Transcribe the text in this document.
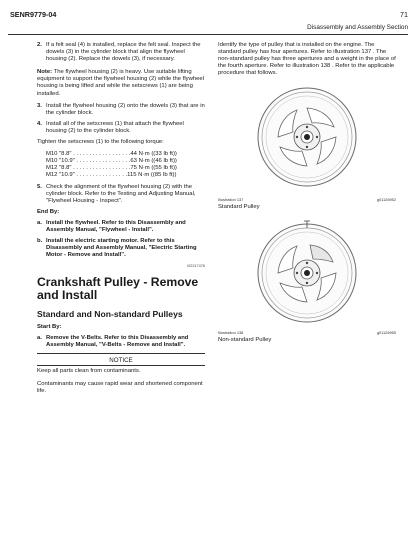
SENR9779-04	71
Disassembly and Assembly Section
2. If a felt seal (4) is installed, replace the felt seal. Inspect the dowels (3) in the cylinder block that align the flywheel housing (2). Replace the dowels (3), if necessary.

Note: The flywheel housing (2) is heavy. Use suitable lifting equipment to support the flywheel housing (2) while the flywheel housing is being lifted and while the setscrews (1) are being installed.

3. Install the flywheel housing (2) onto the dowels (3) that are in the cylinder block.
4. Install all of the setscrews (1) that attach the flywheel housing (2) to the cylinder block.

Tighten the setscrews (1) to the following torque:

M10 "8.8" . . . . . . . . . . . . . . . . . .44 N·m ((33 lb ft))
M10 "10.9" . . . . . . . . . . . . . . . . .63 N·m ((46 lb ft))
M12 "8.8" . . . . . . . . . . . . . . . . . .75 N·m ((55 lb ft))
M12 "10.9" . . . . . . . . . . . . . . . .115 N·m ((85 lb ft))
5. Check the alignment of the flywheel housing (2) with the cylinder block. Refer to the Testing and Adjusting Manual, "Flywheel Housing - Inspect".
End By:
a. Install the flywheel. Refer to this Disassembly and Assembly Manual, "Flywheel - Install".
b. Install the electric starting motor. Refer to this Disassembly and Assembly Manual, "Electric Starting Motor - Remove and Install".
i02217476
Crankshaft Pulley - Remove and Install
Standard and Non-standard Pulleys
Start By:
a. Remove the V-Belts. Refer to this Disassembly and Assembly Manual, "V-Belts - Remove and Install".
NOTICE

Keep all parts clean from contaminants.

Contaminants may cause rapid wear and shortened component life.

Identify the type of pulley that is installed on the engine. The standard pulley has four apertures. Refer to illustration 137 . The non-standard pulley has three apertures and a weight in the place of the fourth aperture. Refer to illustration 138 . Refer to the applicable procedure that follows.

Illustration 137	g01126952
Standard Pulley
Illustration 138	g01126955
Non-standard Pulley
